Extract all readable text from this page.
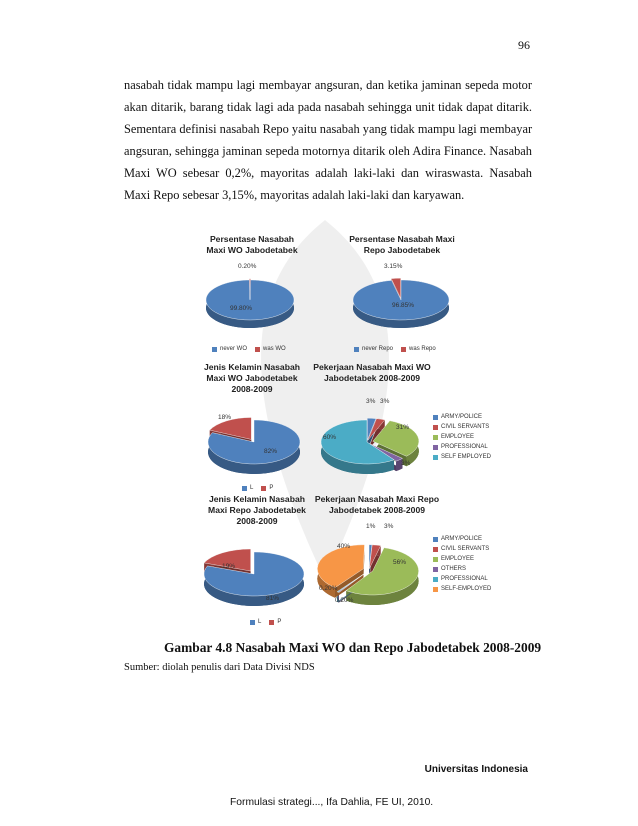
96

nasabah tidak mampu lagi membayar angsuran, dan ketika jaminan sepeda motor
akan ditarik, barang tidak lagi ada pada nasabah sehingga unit tidak dapat ditarik.
Sementara definisi nasabah Repo yaitu nasabah yang tidak mampu lagi membayar
angsuran, sehingga jaminan sepeda motornya ditarik oleh Adira Finance. Nasabah
Maxi WO sebesar 0,2%, mayoritas adalah laki-laki dan wiraswasta. Nasabah
Maxi Repo sebesar 3,15%, mayoritas adalah laki-laki dan karyawan.

Persentase Nasabah
Maxi WO Jabodetabek
99.80%
0.20%
never WO	was WO
Persentase Nasabah Maxi
Repo Jabodetabek
96.85%
3.15%
never Repo	was Repo
Jenis Kelamin Nasabah
Maxi WO Jabodetabek
2008-2009
82%
18%
L	P
Pekerjaan Nasabah Maxi WO
Jabodetabek 2008-2009
3% 3%
31%
3%
60%
ARMY/POLICE
CIVIL SERVANTS
EMPLOYEE
PROFESSIONAL
SELF EMPLOYED
Jenis Kelamin Nasabah
Maxi Repo Jabodetabek
2008-2009
81%
19%
L	P
Pekerjaan Nasabah Maxi Repo
Jabodetabek 2008-2009
1% 3%
56%
0.20%
0.20%
40%
ARMY/POLICE
CIVIL SERVANTS
EMPLOYEE
OTHERS
PROFESSIONAL
SELF-EMPLOYED

Gambar 4.8 Nasabah Maxi WO dan Repo Jabodetabek 2008-2009

Sumber: diolah penulis dari Data Divisi NDS

Universitas Indonesia

Formulasi strategi..., Ifa Dahlia, FE UI, 2010.
